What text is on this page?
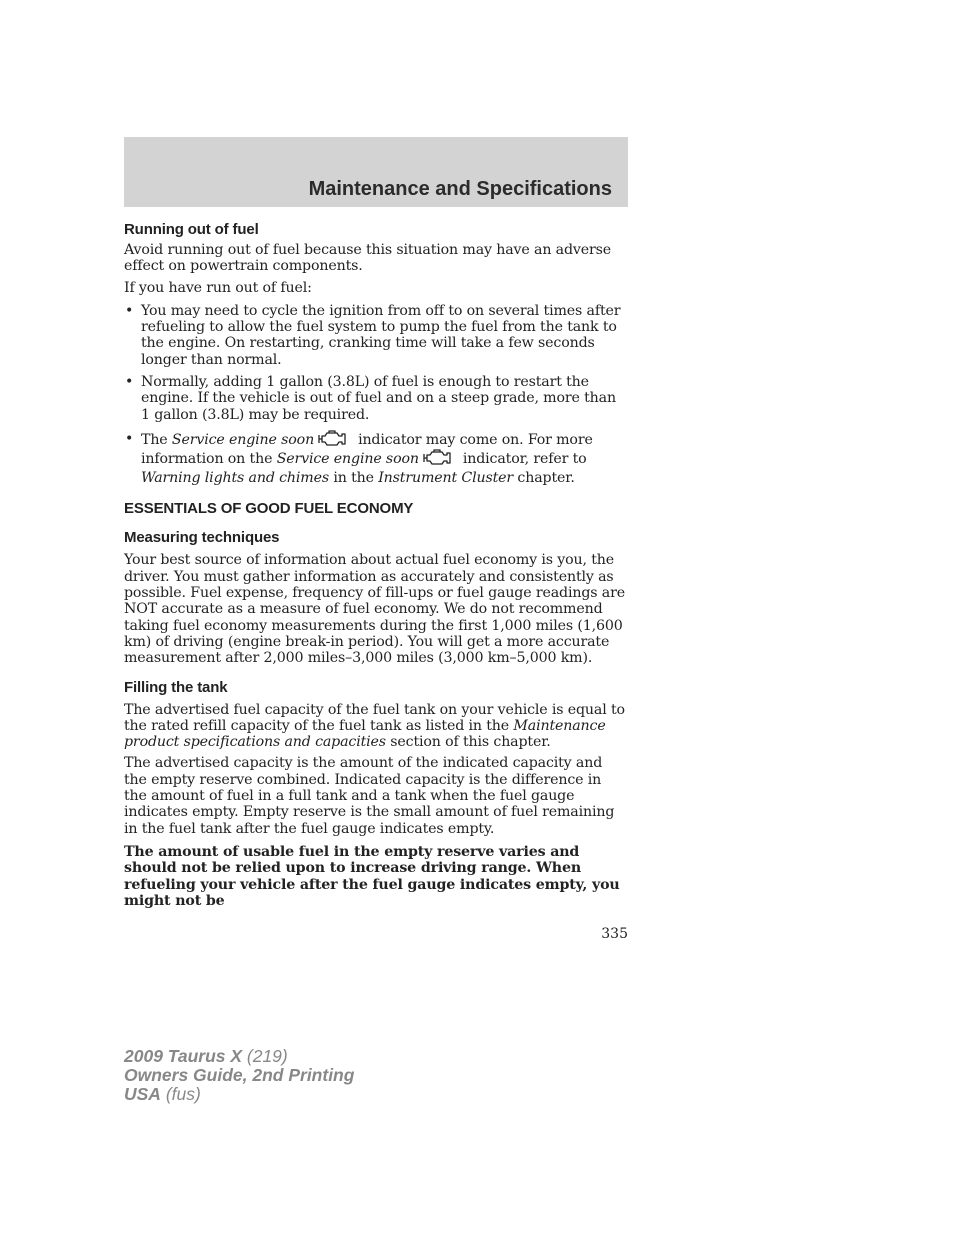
Maintenance and Specifications
Running out of fuel

Avoid running out of fuel because this situation may have an adverse effect on powertrain components.

If you have run out of fuel:

• You may need to cycle the ignition from off to on several times after refueling to allow the fuel system to pump the fuel from the tank to the engine. On restarting, cranking time will take a few seconds longer than normal.
• Normally, adding 1 gallon (3.8L) of fuel is enough to restart the engine. If the vehicle is out of fuel and on a steep grade, more than 1 gallon (3.8L) may be required.
• The Service engine soon	indicator may come on. For more information on the Service engine soon	indicator, refer to Warning lights and chimes in the Instrument Cluster chapter.
ESSENTIALS OF GOOD FUEL ECONOMY
Measuring techniques

Your best source of information about actual fuel economy is you, the driver. You must gather information as accurately and consistently as possible. Fuel expense, frequency of fill-ups or fuel gauge readings are NOT accurate as a measure of fuel economy. We do not recommend taking fuel economy measurements during the first 1,000 miles (1,600 km) of driving (engine break-in period). You will get a more accurate measurement after 2,000 miles–3,000 miles (3,000 km–5,000 km).

Filling the tank

The advertised fuel capacity of the fuel tank on your vehicle is equal to the rated refill capacity of the fuel tank as listed in the Maintenance product specifications and capacities section of this chapter.

The advertised capacity is the amount of the indicated capacity and the empty reserve combined. Indicated capacity is the difference in the amount of fuel in a full tank and a tank when the fuel gauge indicates empty. Empty reserve is the small amount of fuel remaining in the fuel tank after the fuel gauge indicates empty.

The amount of usable fuel in the empty reserve varies and should not be relied upon to increase driving range. When refueling your vehicle after the fuel gauge indicates empty, you might not be

335
2009 Taurus X (219)
Owners Guide, 2nd Printing
USA (fus)
